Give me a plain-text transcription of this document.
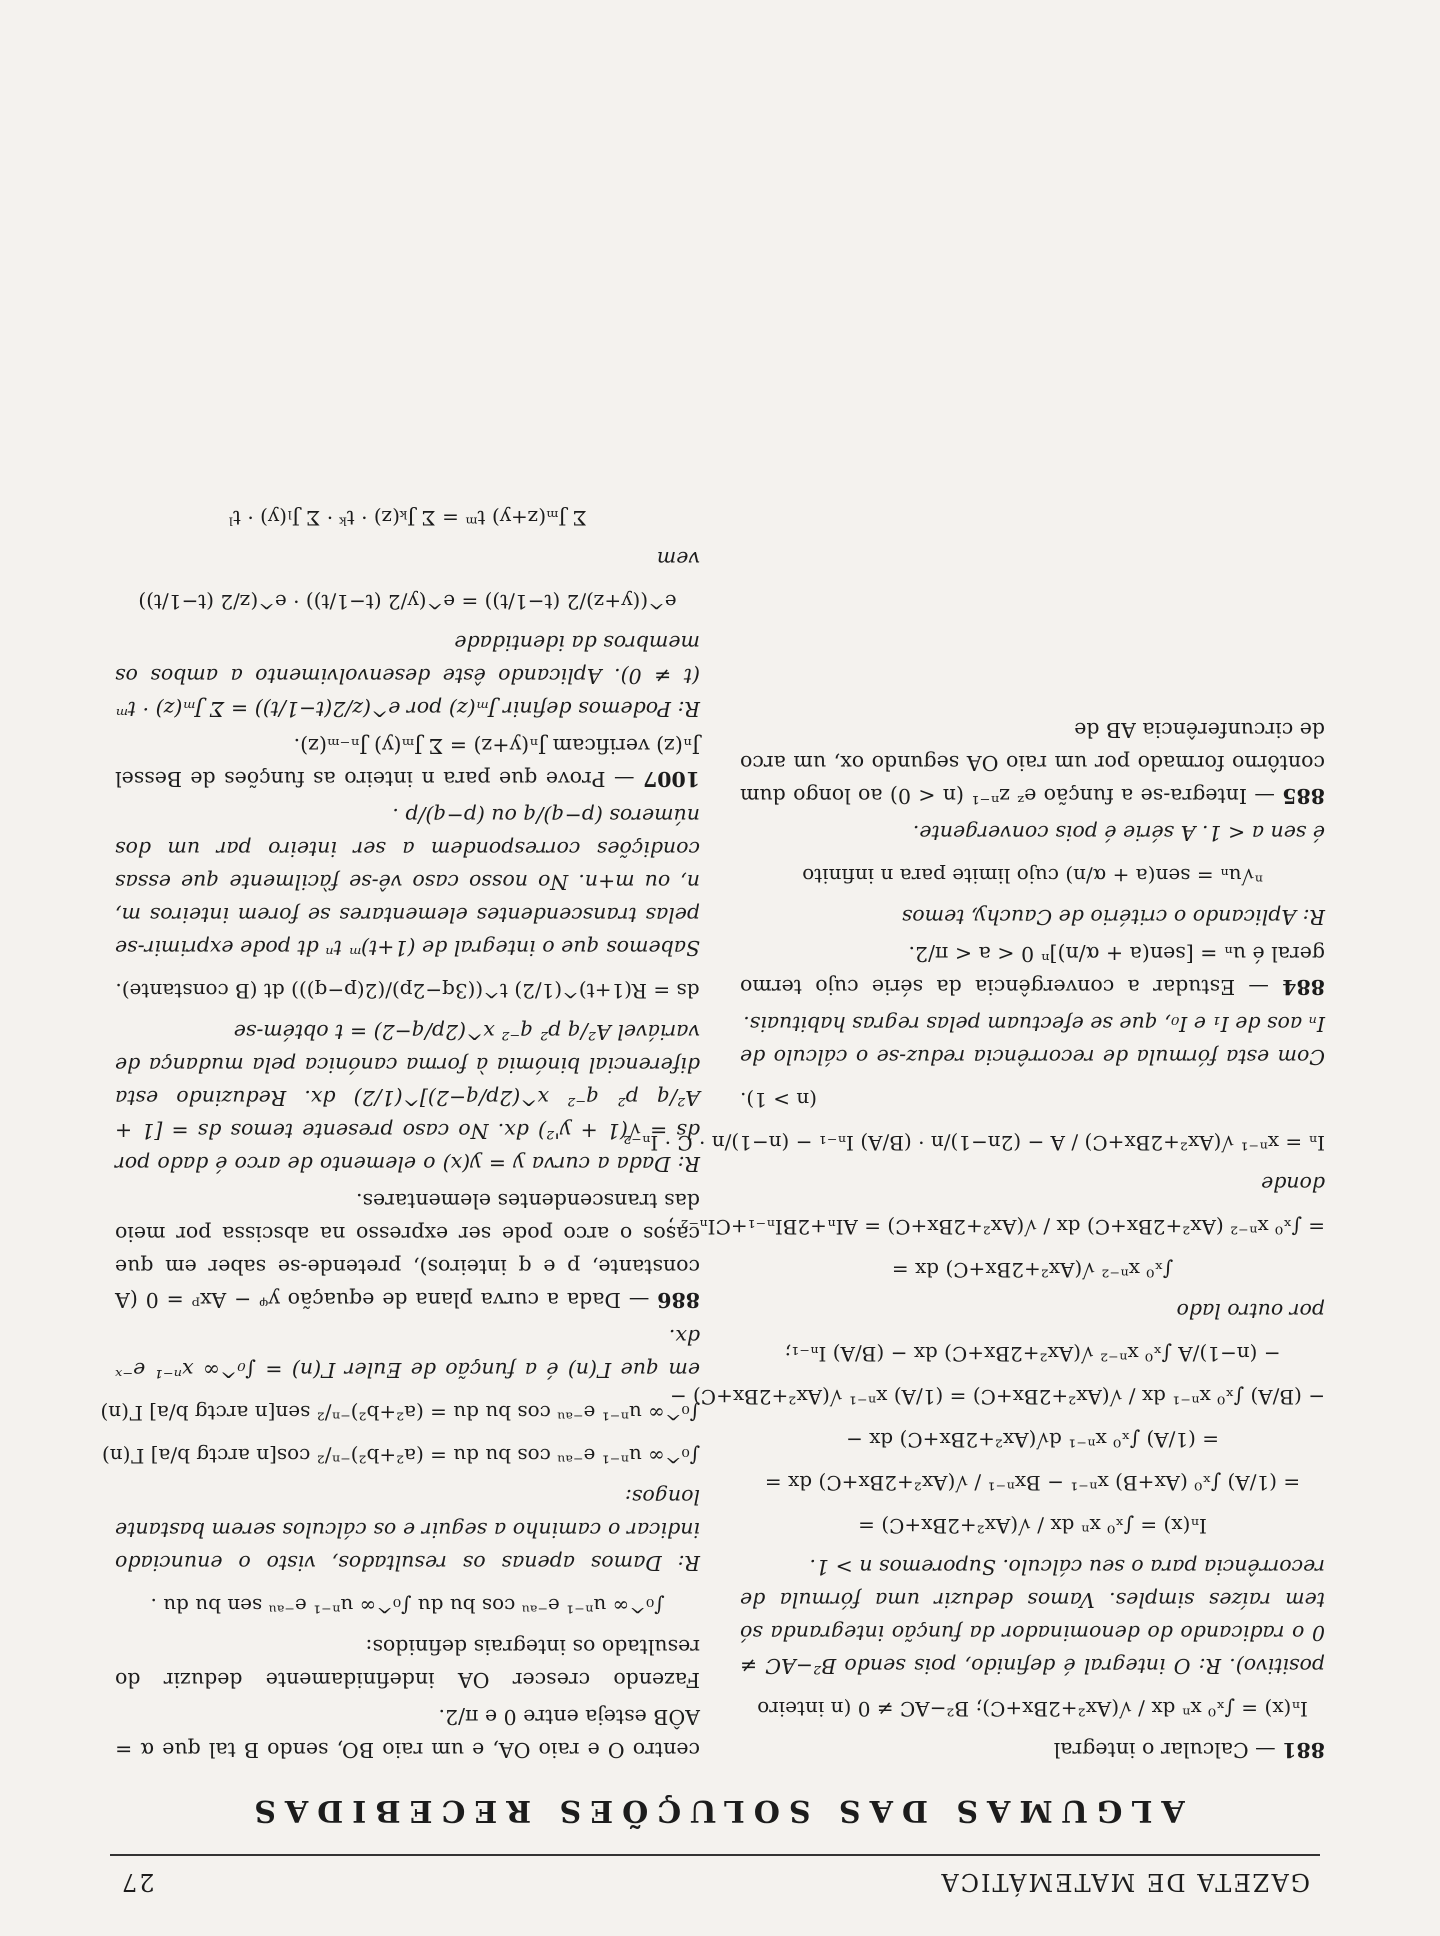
GAZETA DE MATEMÁTICA
27
ALGUMAS DAS SOLUÇÕES RECEBIDAS

881 — Calcular o integral

Iₙ(x) = ∫ₓ⁰ xⁿ dx / √(Ax²+2Bx+C); B²−AC ≠ 0 (n inteiro

positivo). R: O integral é definido, pois sendo B²−AC ≠ 0 o radicando do denominador da função integranda só tem raízes simples. Vamos deduzir uma fórmula de recorrência para o seu cálculo. Suporemos n > 1.

Iₙ(x) = ∫ₓ⁰ xⁿ dx / √(Ax²+2Bx+C) =
= (1/A) ∫ₓ⁰ (Ax+B) xⁿ⁻¹ − Bxⁿ⁻¹ / √(Ax²+2Bx+C) dx =
= (1/A) ∫ₓ⁰ xⁿ⁻¹ d√(Ax²+2Bx+C) dx −
− (B/A) ∫ₓ⁰ xⁿ⁻¹ dx / √(Ax²+2Bx+C) = (1/A) xⁿ⁻¹ √(Ax²+2Bx+C) −
− (n−1)/A ∫ₓ⁰ xⁿ⁻² √(Ax²+2Bx+C) dx − (B/A) Iₙ₋₁;

por outro lado

∫ₓ⁰ xⁿ⁻² √(Ax²+2Bx+C) dx =
= ∫ₓ⁰ xⁿ⁻² (Ax²+2Bx+C) dx / √(Ax²+2Bx+C) = AIₙ+2BIₙ₋₁+CIₙ₋₂ ;

donde

Iₙ = xⁿ⁻¹ √(Ax²+2Bx+C) / A − (2n−1)/n · (B/A) Iₙ₋₁ − (n−1)/n · C · Iₙ₋₂
(n > 1).

Com esta fórmula de recorrência reduz-se o cálculo de Iₙ aos de I₁ e I₀, que se efectuam pelas regras habituais.

884 — Estudar a convergência da série cujo termo geral é uₙ = [sen(a + α/n)]ⁿ 0 < a < π/2.

R: Aplicando o critério de Cauchy, temos

ⁿ√uₙ = sen(a + α/n) cujo limite para n infinito

é sen a < 1. A série é pois convergente.

885 — Integra-se a função eᶻ zⁿ⁻¹ (n < 0) ao longo dum contôrno formado por um raio OA segundo ox, um arco de circunferência AB de

centro O e raio OA, e um raio BO, sendo B tal que α = AÔB esteja entre 0 e π/2.

Fazendo crescer OA indefinidamente deduzir do resultado os integrais definidos:

∫₀^∞ uⁿ⁻¹ e⁻ᵃᵘ cos bu du ∫₀^∞ uⁿ⁻¹ e⁻ᵃᵘ sen bu du .

R: Damos apenas os resultados, visto o enunciado indicar o caminho a seguir e os cálculos serem bastante longos:

∫₀^∞ uⁿ⁻¹ e⁻ᵃᵘ cos bu du = (a²+b²)⁻ⁿ/² cos[n arctg b/a] Γ(n)
∫₀^∞ uⁿ⁻¹ e⁻ᵃᵘ cos bu du = (a²+b²)⁻ⁿ/² sen[n arctg b/a] Γ(n)

em que Γ(n) é a função de Euler Γ(n) = ∫₀^∞ xⁿ⁻¹ e⁻ˣ dx.

886 — Dada a curva plana de equação yᵠ − Axᵖ = 0 (A constante, p e q inteiros), pretende-se saber em que casos o arco pode ser expresso na abscissa por meio das transcendentes elementares.

R: Dada a curva y = y(x) o elemento de arco é dado por ds = √(1 + y'²) dx. No caso presente temos ds = [1 + A²/q p² q⁻² x^(2p/q−2)]^(1/2) dx. Reduzindo esta diferencial binómia à forma canónica pela mudança de variável A²/q p² q⁻² x^(2p/q−2) = t obtém-se

ds = R(1+t)^(1/2) t^((3q−2p)/(2(p−q))) dt (B constante).

Sabemos que o integral de (1+t)ᵐ tⁿ dt pode exprimir-se pelas transcendentes elementares se forem inteiros m, n, ou m+n. No nosso caso vê-se fàcilmente que essas condições correspondem a ser inteiro par um dos números (p−q)/q ou (p−q)/p .

1007 — Prove que para n inteiro as funções de Bessel Jₙ(z) verificam Jₙ(y+z) = Σ Jₘ(y) Jₙ₋ₘ(z).

R: Podemos definir Jₘ(z) por e^(z/2(t−1/t)) = Σ Jₘ(z) · tᵐ (t ≠ 0). Aplicando êste desenvolvimento a ambos os membros da identidade

e^((y+z)/2 (t−1/t)) = e^(y/2 (t−1/t)) · e^(z/2 (t−1/t))

vem

Σ Jₘ(z+y) tᵐ = Σ Jₖ(z) · tᵏ · Σ Jₗ(y) · tˡ
